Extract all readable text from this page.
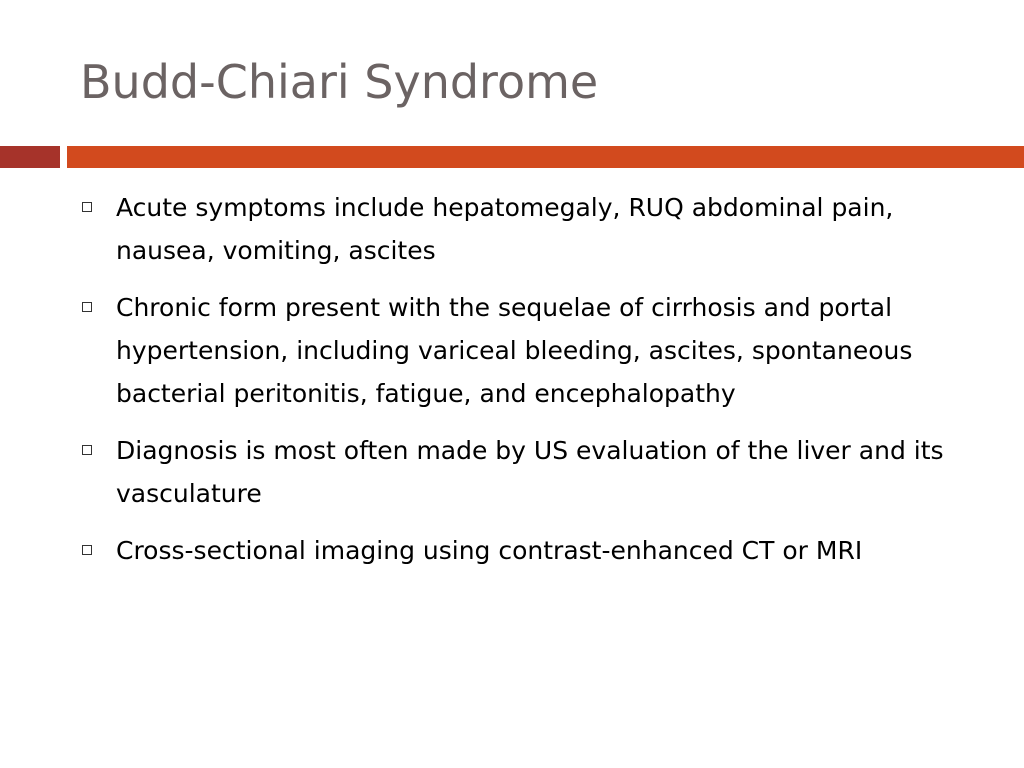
Budd-Chiari Syndrome
Acute symptoms include hepatomegaly, RUQ abdominal pain, nausea, vomiting, ascites
Chronic form present with the sequelae of cirrhosis and portal hypertension, including variceal bleeding, ascites, spontaneous bacterial peritonitis, fatigue, and encephalopathy
Diagnosis is most often made by US evaluation of the liver and its vasculature
Cross-sectional imaging using contrast-enhanced CT or MRI
